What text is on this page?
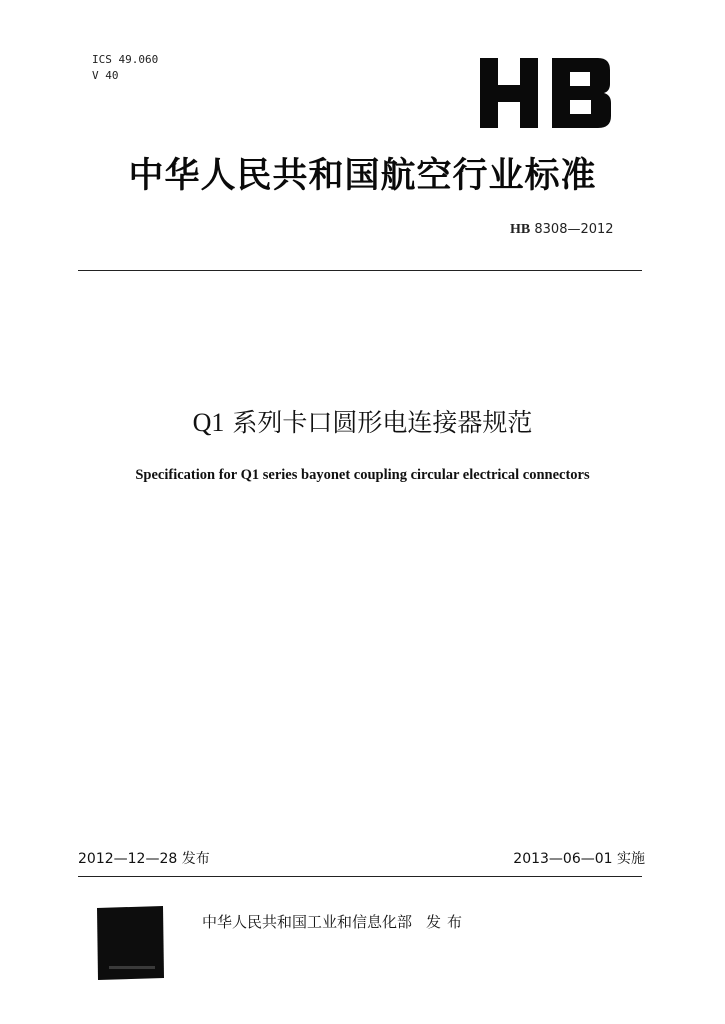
ICS 49.060
V 40
中华人民共和国航空行业标准
HB 8308—2012
Q1 系列卡口圆形电连接器规范
Specification for Q1 series bayonet coupling circular electrical connectors
2012—12—28 发布	2013—06—01 实施
中华人民共和国工业和信息化部 发布
